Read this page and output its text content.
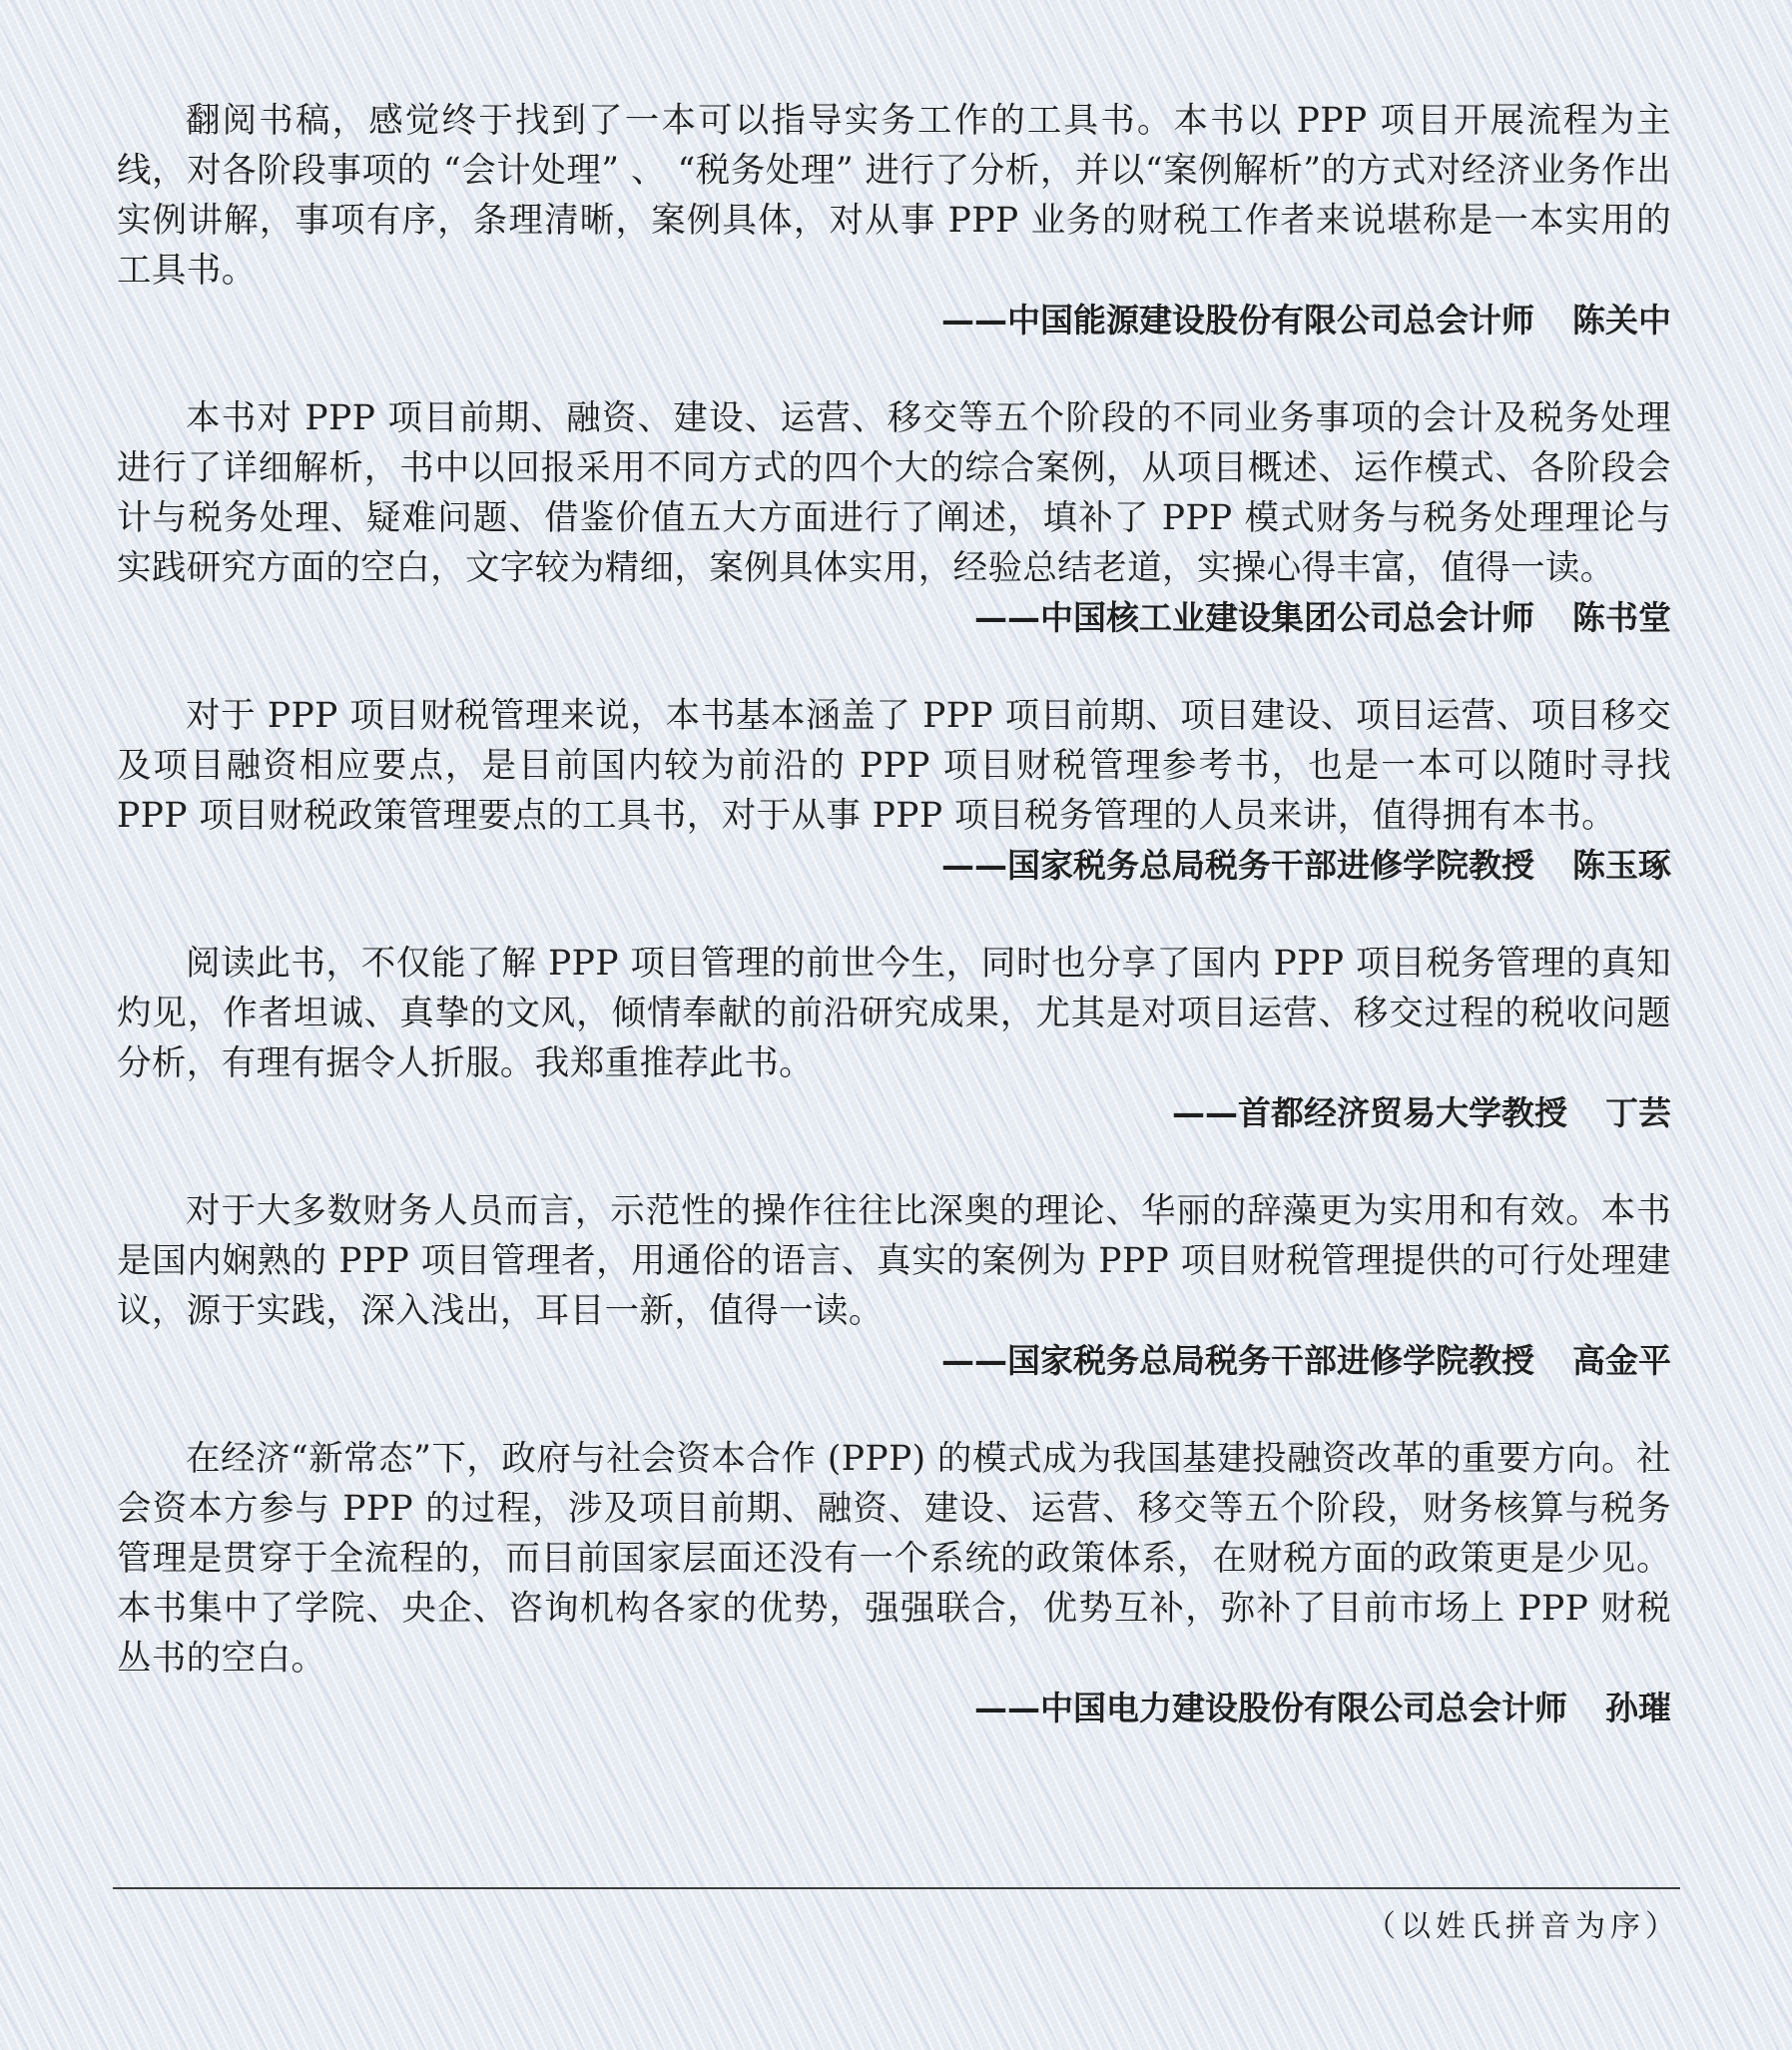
翻阅书稿，感觉终于找到了一本可以指导实务工作的工具书。本书以 PPP 项目开展流程为主线，对各阶段事项的 “会计处理” 、 “税务处理” 进行了分析，并以“案例解析”的方式对经济业务作出实例讲解，事项有序，条理清晰，案例具体，对从事 PPP 业务的财税工作者来说堪称是一本实用的工具书。

——中国能源建设股份有限公司总会计师 陈关中

本书对 PPP 项目前期、融资、建设、运营、移交等五个阶段的不同业务事项的会计及税务处理进行了详细解析，书中以回报采用不同方式的四个大的综合案例，从项目概述、运作模式、各阶段会计与税务处理、疑难问题、借鉴价值五大方面进行了阐述，填补了 PPP 模式财务与税务处理理论与实践研究方面的空白，文字较为精细，案例具体实用，经验总结老道，实操心得丰富，值得一读。

——中国核工业建设集团公司总会计师 陈书堂

对于 PPP 项目财税管理来说，本书基本涵盖了 PPP 项目前期、项目建设、项目运营、项目移交及项目融资相应要点，是目前国内较为前沿的 PPP 项目财税管理参考书，也是一本可以随时寻找 PPP 项目财税政策管理要点的工具书，对于从事 PPP 项目税务管理的人员来讲，值得拥有本书。

——国家税务总局税务干部进修学院教授 陈玉琢

阅读此书，不仅能了解 PPP 项目管理的前世今生，同时也分享了国内 PPP 项目税务管理的真知灼见，作者坦诚、真挚的文风，倾情奉献的前沿研究成果，尤其是对项目运营、移交过程的税收问题分析，有理有据令人折服。我郑重推荐此书。

——首都经济贸易大学教授 丁芸

对于大多数财务人员而言，示范性的操作往往比深奥的理论、华丽的辞藻更为实用和有效。本书是国内娴熟的 PPP 项目管理者，用通俗的语言、真实的案例为 PPP 项目财税管理提供的可行处理建议，源于实践，深入浅出，耳目一新，值得一读。

——国家税务总局税务干部进修学院教授 高金平

在经济“新常态”下，政府与社会资本合作 (PPP) 的模式成为我国基建投融资改革的重要方向。社会资本方参与 PPP 的过程，涉及项目前期、融资、建设、运营、移交等五个阶段，财务核算与税务管理是贯穿于全流程的，而目前国家层面还没有一个系统的政策体系，在财税方面的政策更是少见。本书集中了学院、央企、咨询机构各家的优势，强强联合，优势互补，弥补了目前市场上 PPP 财税丛书的空白。

——中国电力建设股份有限公司总会计师 孙璀

（以姓氏拼音为序）
